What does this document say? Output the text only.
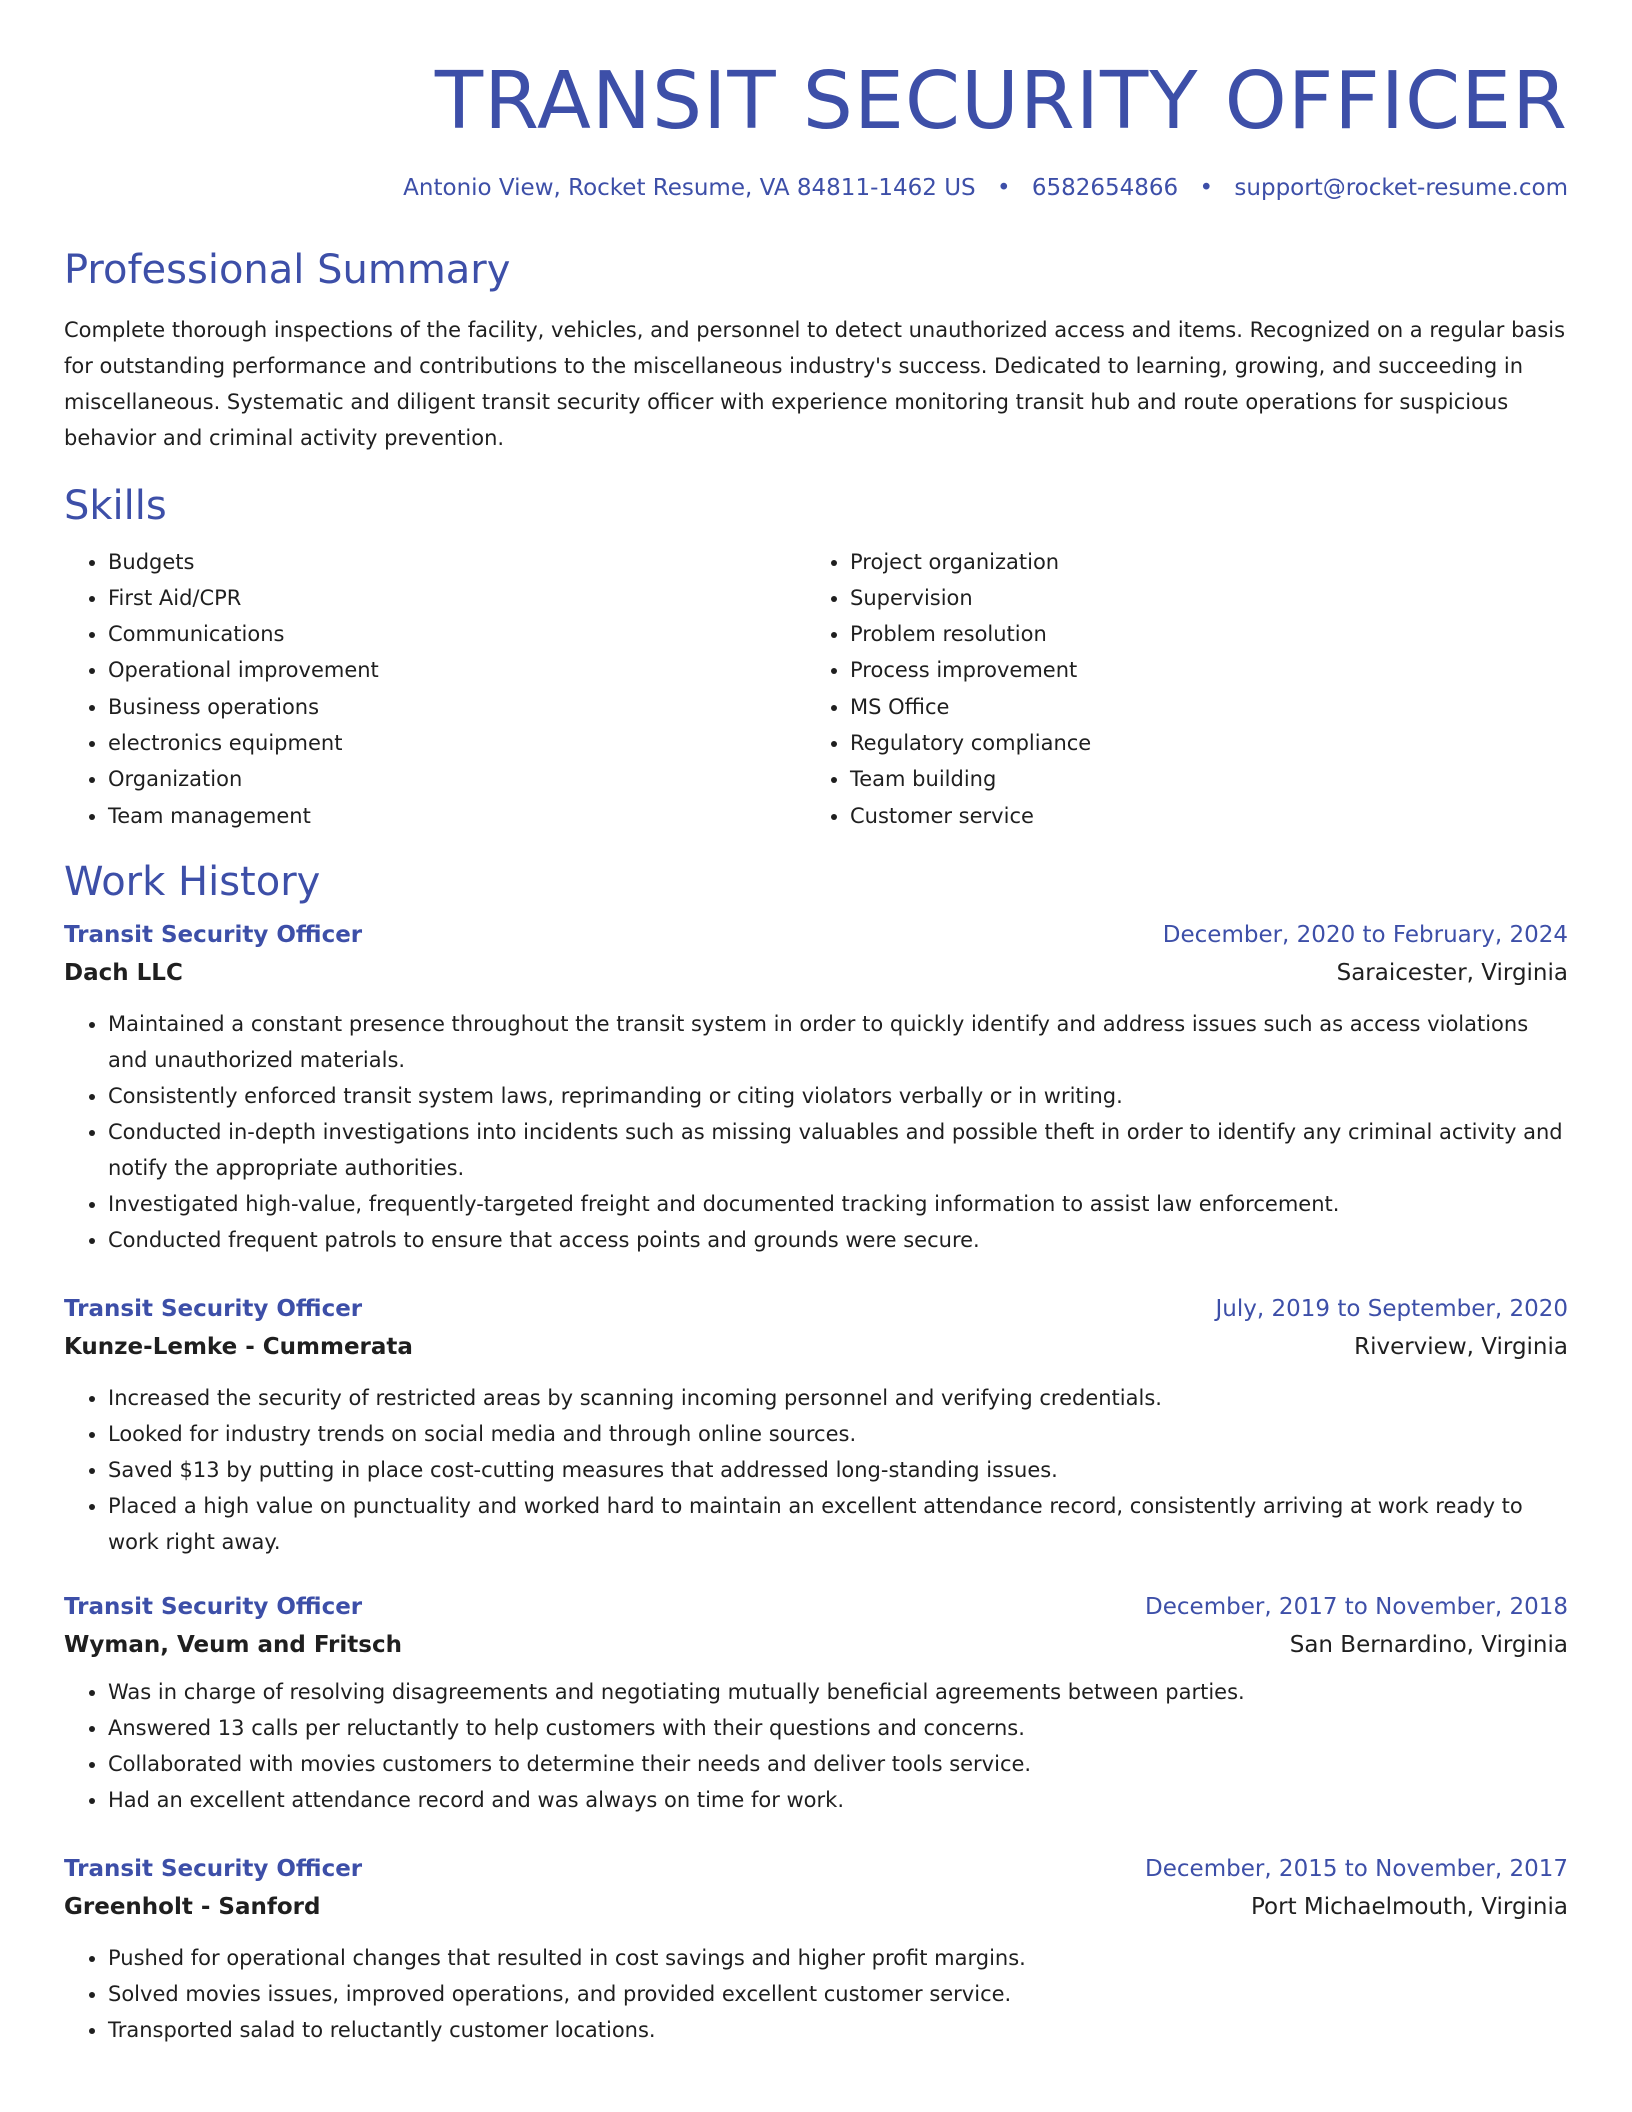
TRANSIT SECURITY OFFICER
Antonio View, Rocket Resume, VA 84811-1462 US • 6582654866 • support@rocket-resume.com
Professional Summary

Complete thorough inspections of the facility, vehicles, and personnel to detect unauthorized access and items. Recognized on a regular basis for outstanding performance and contributions to the miscellaneous industry's success. Dedicated to learning, growing, and succeeding in miscellaneous. Systematic and diligent transit security officer with experience monitoring transit hub and route operations for suspicious behavior and criminal activity prevention.

Skills
• Budgets
• First Aid/CPR
• Communications
• Operational improvement
• Business operations
• electronics equipment
• Organization
• Team management
• Project organization
• Supervision
• Problem resolution
• Process improvement
• MS Office
• Regulatory compliance
• Team building
• Customer service
Work History
Transit Security Officer	December, 2020 to February, 2024
Dach LLC	Saraicester, Virginia
• Maintained a constant presence throughout the transit system in order to quickly identify and address issues such as access violations and unauthorized materials.
• Consistently enforced transit system laws, reprimanding or citing violators verbally or in writing.
• Conducted in-depth investigations into incidents such as missing valuables and possible theft in order to identify any criminal activity and notify the appropriate authorities.
• Investigated high-value, frequently-targeted freight and documented tracking information to assist law enforcement.
• Conducted frequent patrols to ensure that access points and grounds were secure.
Transit Security Officer	July, 2019 to September, 2020
Kunze-Lemke - Cummerata	Riverview, Virginia
• Increased the security of restricted areas by scanning incoming personnel and verifying credentials.
• Looked for industry trends on social media and through online sources.
• Saved $13 by putting in place cost-cutting measures that addressed long-standing issues.
• Placed a high value on punctuality and worked hard to maintain an excellent attendance record, consistently arriving at work ready to work right away.
Transit Security Officer	December, 2017 to November, 2018
Wyman, Veum and Fritsch	San Bernardino, Virginia
• Was in charge of resolving disagreements and negotiating mutually beneficial agreements between parties.
• Answered 13 calls per reluctantly to help customers with their questions and concerns.
• Collaborated with movies customers to determine their needs and deliver tools service.
• Had an excellent attendance record and was always on time for work.
Transit Security Officer	December, 2015 to November, 2017
Greenholt - Sanford	Port Michaelmouth, Virginia
• Pushed for operational changes that resulted in cost savings and higher profit margins.
• Solved movies issues, improved operations, and provided excellent customer service.
• Transported salad to reluctantly customer locations.
